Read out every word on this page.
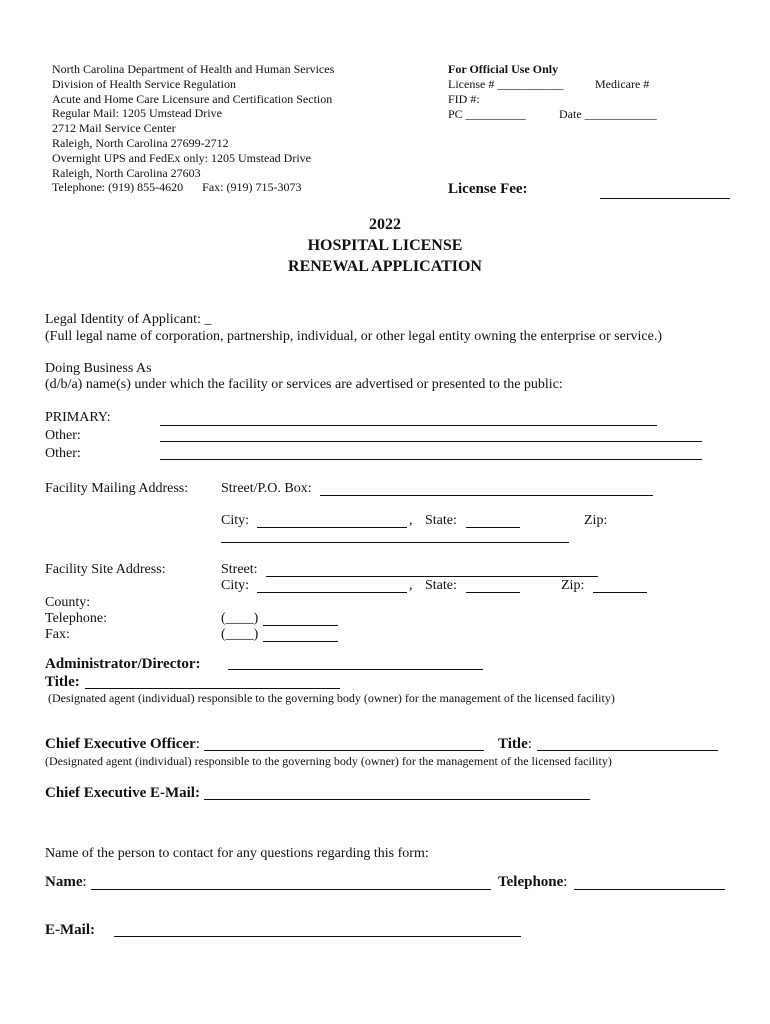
North Carolina Department of Health and Human Services
Division of Health Service Regulation
Acute and Home Care Licensure and Certification Section
Regular Mail: 1205 Umstead Drive
2712 Mail Service Center
Raleigh, North Carolina 27699-2712
Overnight UPS and FedEx only: 1205 Umstead Drive
Raleigh, North Carolina 27603
Telephone: (919) 855-4620 Fax: (919) 715-3073
For Official Use Only
License # ___________	Medicare #
FID #:
PC __________	Date ____________
License Fee:
2022
HOSPITAL LICENSE
RENEWAL APPLICATION
Legal Identity of Applicant: _
(Full legal name of corporation, partnership, individual, or other legal entity owning the enterprise or service.)
Doing Business As
(d/b/a) name(s) under which the facility or services are advertised or presented to the public:
PRIMARY:
Other:
Other:
Facility Mailing Address: Street/P.O. Box:
City:	, State:	Zip:
Facility Site Address:	Street:
City:	, State:	Zip:
County:
Telephone:	(____)
Fax:	(____)
Administrator/Director:
Title:
(Designated agent (individual) responsible to the governing body (owner) for the management of the licensed facility)
Chief Executive Officer:	Title:
(Designated agent (individual) responsible to the governing body (owner) for the management of the licensed facility)
Chief Executive E-Mail:
Name of the person to contact for any questions regarding this form:
Name:	Telephone:
E-Mail:
